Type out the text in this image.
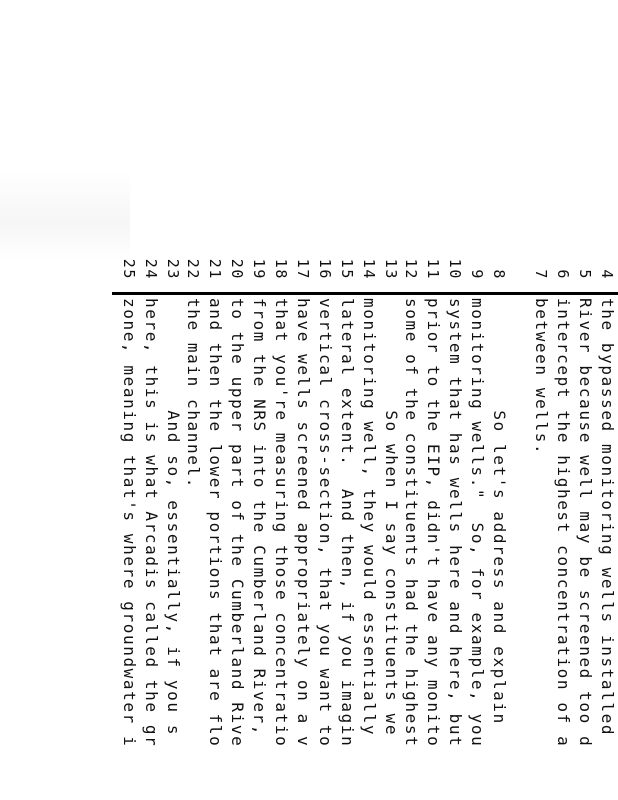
4
the bypassed monitoring wells installed
5
River because well may be screened too d
6
intercept the highest concentration of a
7
between wells.
8
So let's address and explain
9
monitoring wells."  So, for example, you
10
system that has wells here and here, but
11
prior to the EIP, didn't have any monito
12
some of the constituents had the highest
13
So when I say constituents we
14
monitoring well, they would essentially
15
lateral extent.  And then, if you imagin
16
vertical cross-section, that you want to
17
have wells screened appropriately on a v
18
that you're measuring those concentratio
19
from the NRS into the Cumberland River,
20
to the upper part of the Cumberland Rive
21
and then the lower portions that are flo
22
the main channel.
23
And so, essentially, if you s
24
here, this is what Arcadis called the gr
25
zone, meaning that's where groundwater i
